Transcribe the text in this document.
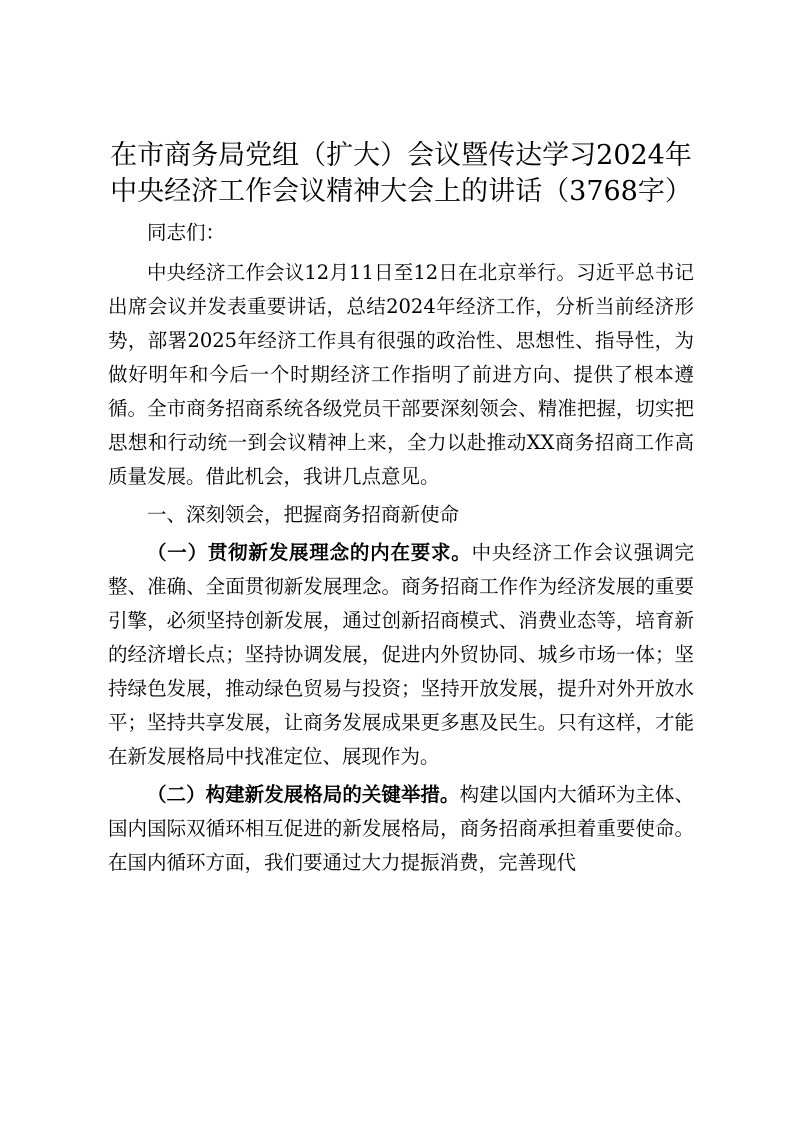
在市商务局党组（扩大）会议暨传达学习2024年中央经济工作会议精神大会上的讲话（3768字）

同志们：

中央经济工作会议12月11日至12日在北京举行。习近平总书记出席会议并发表重要讲话，总结2024年经济工作，分析当前经济形势，部署2025年经济工作具有很强的政治性、思想性、指导性，为做好明年和今后一个时期经济工作指明了前进方向、提供了根本遵循。全市商务招商系统各级党员干部要深刻领会、精准把握，切实把思想和行动统一到会议精神上来，全力以赴推动XX商务招商工作高质量发展。借此机会，我讲几点意见。

一、深刻领会，把握商务招商新使命

（一）贯彻新发展理念的内在要求。中央经济工作会议强调完整、准确、全面贯彻新发展理念。商务招商工作作为经济发展的重要引擎，必须坚持创新发展，通过创新招商模式、消费业态等，培育新的经济增长点；坚持协调发展，促进内外贸协同、城乡市场一体；坚持绿色发展，推动绿色贸易与投资；坚持开放发展，提升对外开放水平；坚持共享发展，让商务发展成果更多惠及民生。只有这样，才能在新发展格局中找准定位、展现作为。

（二）构建新发展格局的关键举措。构建以国内大循环为主体、国内国际双循环相互促进的新发展格局，商务招商承担着重要使命。在国内循环方面，我们要通过大力提振消费，完善现代
